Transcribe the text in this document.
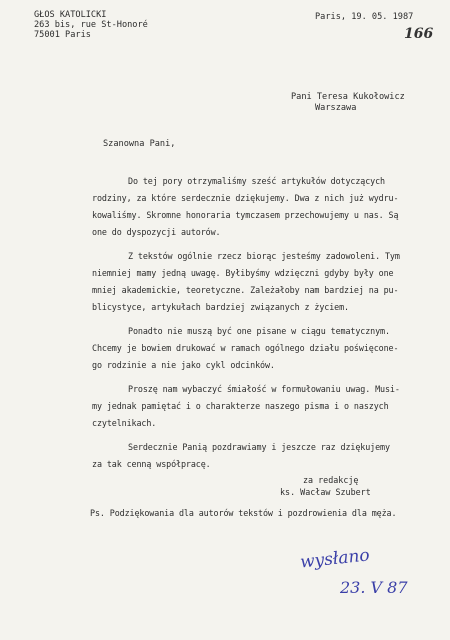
GŁOS KATOLICKI
263 bis, rue St-Honoré
75001 Paris
Paris, 19. 05. 1987
166
Pani Teresa Kukołowicz
Warszawa
Szanowna Pani,
Do tej pory otrzymaliśmy sześć artykułów dotyczących
rodziny, za które serdecznie dziękujemy. Dwa z nich już wydru-
kowaliśmy. Skromne honoraria tymczasem przechowujemy u nas. Są
one do dyspozycji autorów.
Z tekstów ogólnie rzecz biorąc jesteśmy zadowoleni. Tym
niemniej mamy jedną uwagę. Byłibyśmy wdzięczni gdyby były one
mniej akademickie, teoretyczne. Zależałoby nam bardziej na pu-
blicystyce, artykułach bardziej związanych z życiem.
Ponadto nie muszą być one pisane w ciągu tematycznym.
Chcemy je bowiem drukować w ramach ogólnego działu poświęcone-
go rodzinie a nie jako cykl odcinków.
Proszę nam wybaczyć śmiałość w formułowaniu uwag. Musi-
my jednak pamiętać i o charakterze naszego pisma i o naszych
czytelnikach.
Serdecznie Panią pozdrawiamy i jeszcze raz dziękujemy
za tak cenną współpracę.
za redakcję
ks. Wacław Szubert
Ps. Podziękowania dla autorów tekstów i pozdrowienia dla męża.
wysłano
23. V 87
